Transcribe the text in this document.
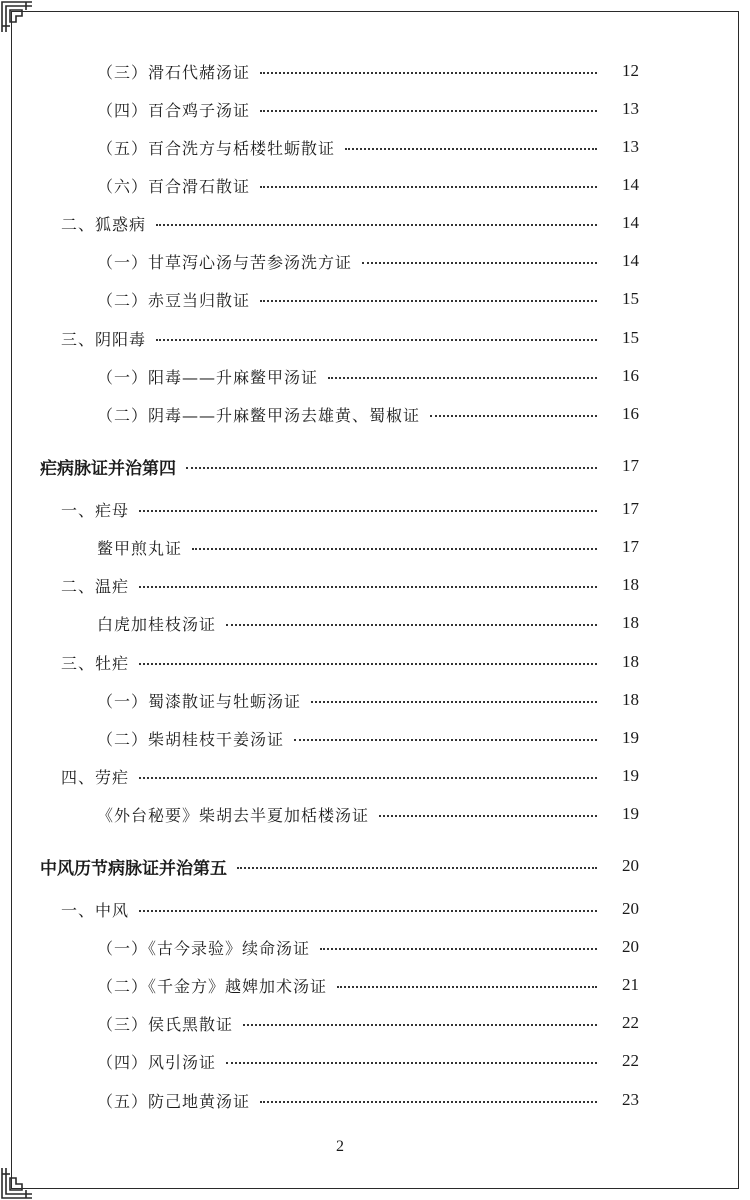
（三）滑石代赭汤证	12
（四）百合鸡子汤证	13
（五）百合洗方与栝楼牡蛎散证	13
（六）百合滑石散证	14
二、狐惑病	14
（一）甘草泻心汤与苦参汤洗方证	14
（二）赤豆当归散证	15
三、阴阳毒	15
（一）阳毒——升麻鳖甲汤证	16
（二）阴毒——升麻鳖甲汤去雄黄、蜀椒证	16
疟病脉证并治第四	17
一、疟母	17
鳖甲煎丸证	17
二、温疟	18
白虎加桂枝汤证	18
三、牡疟	18
（一）蜀漆散证与牡蛎汤证	18
（二）柴胡桂枝干姜汤证	19
四、劳疟	19
《外台秘要》柴胡去半夏加栝楼汤证	19
中风历节病脉证并治第五	20
一、中风	20
（一）《古今录验》续命汤证	20
（二）《千金方》越婢加术汤证	21
（三）侯氏黑散证	22
（四）风引汤证	22
（五）防己地黄汤证	23
2
